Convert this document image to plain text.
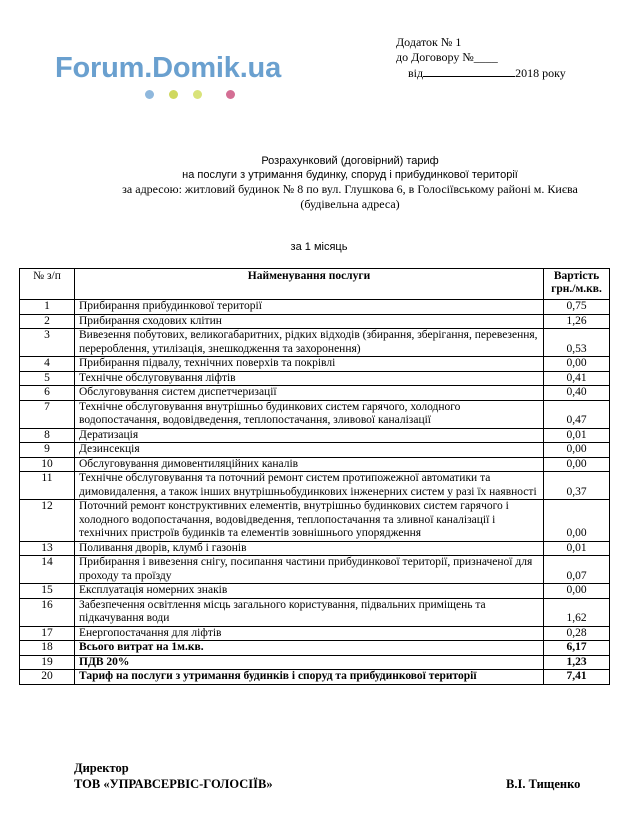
Forum.Domik.ua
Додаток № 1
до Договору №____
від	2018 року
Розрахунковий (договірний) тариф
на послуги з утримання будинку, споруд і прибудинкової території
за адресою: житловий будинок № 8 по вул. Глушкова 6, в Голосіївському районі м. Києва
(будівельна адреса)
за 1 місяць
№ з/п	Найменування послуги	Вартість грн./м.кв.
1	Прибирання прибудинкової території	0,75
2	Прибирання сходових клітин	1,26
3	Вивезення побутових, великогабаритних, рідких відходів (збирання, зберігання, перевезення, перероблення, утилізація, знешкодження та захоронення)	0,53
4	Прибирання підвалу, технічних поверхів та покрівлі	0,00
5	Технічне обслуговування ліфтів	0,41
6	Обслуговування систем диспетчеризації	0,40
7	Технічне обслуговування внутрішньо будинкових систем гарячого, холодного водопостачання, водовідведення, теплопостачання, зливової каналізації	0,47
8	Дератизація	0,01
9	Дезинсекція	0,00
10	Обслуговування димовентиляційних каналів	0,00
11	Технічне обслуговування та поточний ремонт систем протипожежної автоматики та димовидалення, а також інших внутрішньобудинкових інженерних систем у разі їх наявності	0,37
12	Поточний ремонт конструктивних елементів, внутрішньо будинкових систем гарячого і холодного водопостачання, водовідведення, теплопостачання та зливної каналізації і технічних пристроїв будинків та елементів зовнішнього упорядження	0,00
13	Поливання дворів, клумб і газонів	0,01
14	Прибирання і вивезення снігу, посипання частини прибудинкової території, призначеної для проходу та проїзду	0,07
15	Експлуатація номерних знаків	0,00
16	Забезпечення освітлення місць загального користування, підвальних приміщень та підкачування води	1,62
17	Енергопостачання для ліфтів	0,28
18	Всього витрат на 1м.кв.	6,17
19	ПДВ 20%	1,23
20	Тариф на послуги з утримання будинків і споруд та прибудинкової території	7,41
Директор
ТОВ «УПРАВСЕРВІС-ГОЛОСІЇВ»	В.І. Тищенко
